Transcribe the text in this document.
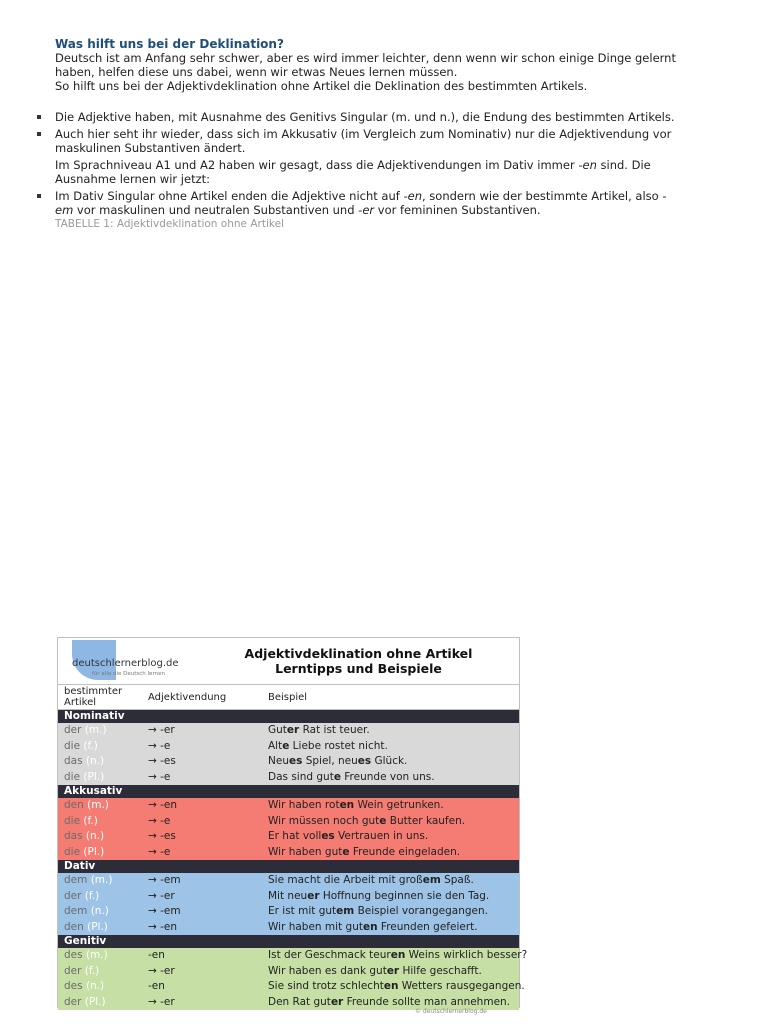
Was hilft uns bei der Deklination?

Deutsch ist am Anfang sehr schwer, aber es wird immer leichter, denn wenn wir schon einige Dinge gelernt

haben, helfen diese uns dabei, wenn wir etwas Neues lernen müssen.

So hilft uns bei der Adjektivdeklination ohne Artikel die Deklination des bestimmten Artikels.

Die Adjektive haben, mit Ausnahme des Genitivs Singular (m. und n.), die Endung des bestimmten Artikels.
Auch hier seht ihr wieder, dass sich im Akkusativ (im Vergleich zum Nominativ) nur die Adjektivendung vor maskulinen Substantiven ändert.
Im Sprachniveau A1 und A2 haben wir gesagt, dass die Adjektivendungen im Dativ immer -en sind. Die Ausnahme lernen wir jetzt:
Im Dativ Singular ohne Artikel enden die Adjektive nicht auf -en, sondern wie der bestimmte Artikel, also -
em vor maskulinen und neutralen Substantiven und -er vor femininen Substantiven.
TABELLE 1: Adjektivdeklination ohne Artikel
deutschlernerblog.de
für alle die Deutsch lernen
Adjektivdeklination ohne Artikel
Lerntipps und Beispiele
bestimmter Artikel	Adjektivendung	Beispiel
Nominativ
der (m.)	→ -er	Guter Rat ist teuer.
die (f.)	→ -e	Alte Liebe rostet nicht.
das (n.)	→ -es	Neues Spiel, neues Glück.
die (Pl.)	→ -e	Das sind gute Freunde von uns.
Akkusativ
den (m.)	→ -en	Wir haben roten Wein getrunken.
die (f.)	→ -e	Wir müssen noch gute Butter kaufen.
das (n.)	→ -es	Er hat volles Vertrauen in uns.
die (Pl.)	→ -e	Wir haben gute Freunde eingeladen.
Dativ
dem (m.)	→ -em	Sie macht die Arbeit mit großem Spaß.
der (f.)	→ -er	Mit neuer Hoffnung beginnen sie den Tag.
dem (n.)	→ -em	Er ist mit gutem Beispiel vorangegangen.
den (Pl.)	→ -en	Wir haben mit guten Freunden gefeiert.
Genitiv
des (m.)	-en	Ist der Geschmack teuren Weins wirklich besser?
der (f.)	→ -er	Wir haben es dank guter Hilfe geschafft.
des (n.)	-en	Sie sind trotz schlechten Wetters rausgegangen.
der (Pl.)	→ -er	Den Rat guter Freunde sollte man annehmen.
© deutschlernerblog.de
